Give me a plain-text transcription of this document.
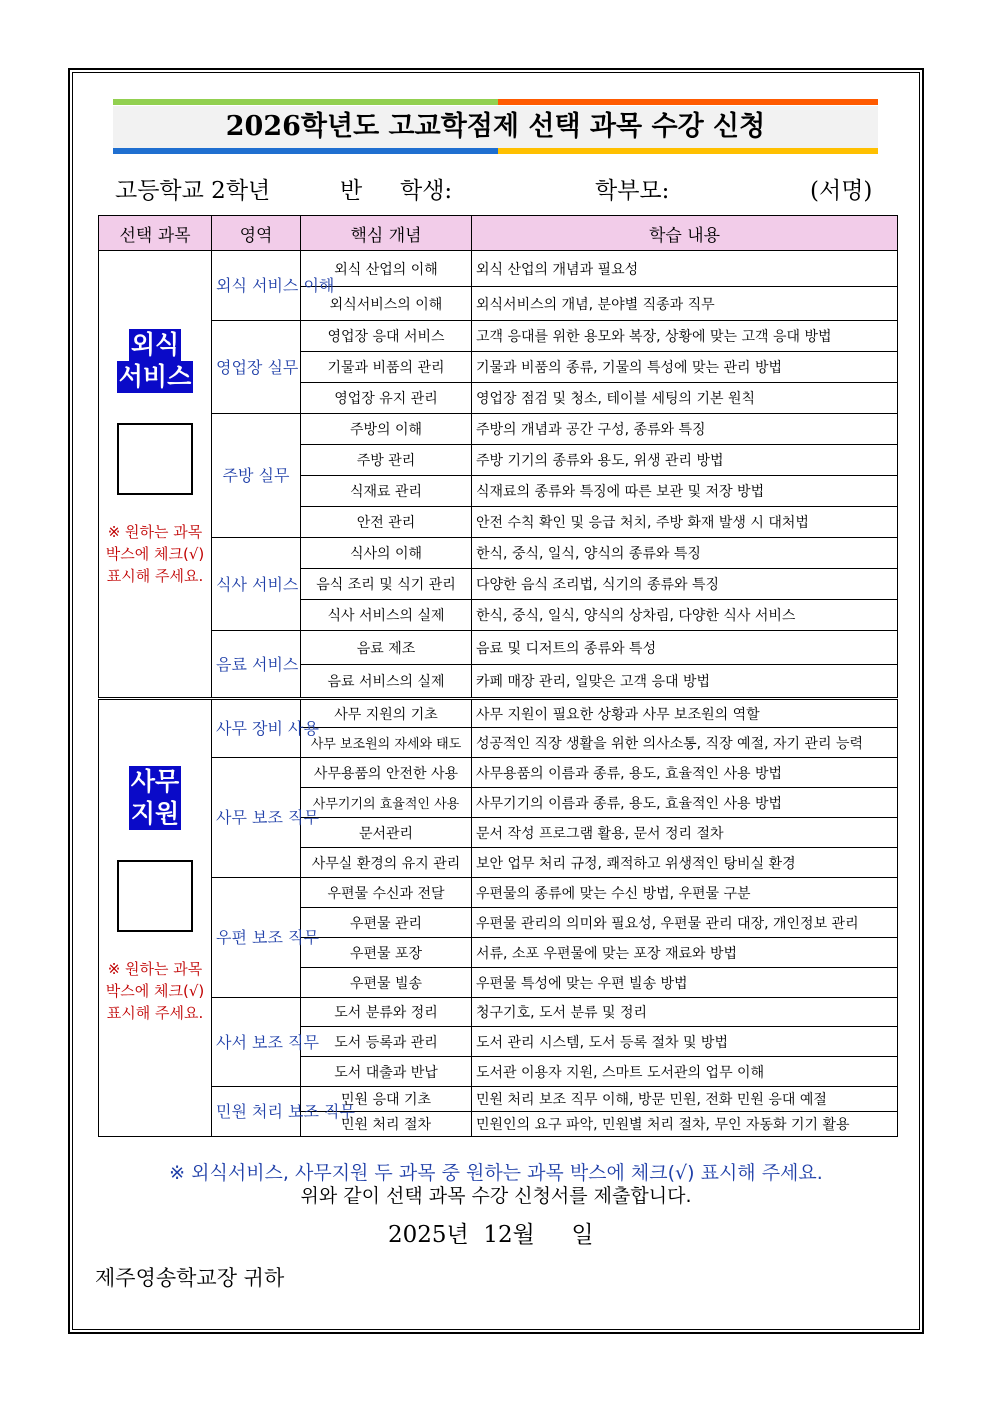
2026학년도 고교학점제 선택 과목 수강 신청
고등학교 2학년	반 학생:	학부모:	(서명)
선택 과목	영역	핵심 개념	학습 내용

외식
서비스
※ 원하는 과목 박스에 체크(√) 표시해 주세요.	외식 서비스 이해	외식 산업의 이해	외식 산업의 개념과 필요성
		외식서비스의 이해	외식서비스의 개념, 분야별 직종과 직무
	영업장 실무	영업장 응대 서비스	고객 응대를 위한 용모와 복장, 상황에 맞는 고객 응대 방법
		기물과 비품의 관리	기물과 비품의 종류, 기물의 특성에 맞는 관리 방법
		영업장 유지 관리	영업장 점검 및 청소, 테이블 세팅의 기본 원칙
	주방 실무	주방의 이해	주방의 개념과 공간 구성, 종류와 특징
		주방 관리	주방 기기의 종류와 용도, 위생 관리 방법
		식재료 관리	식재료의 종류와 특징에 따른 보관 및 저장 방법
		안전 관리	안전 수칙 확인 및 응급 처치, 주방 화재 발생 시 대처법
	식사 서비스	식사의 이해	한식, 중식, 일식, 양식의 종류와 특징
		음식 조리 및 식기 관리	다양한 음식 조리법, 식기의 종류와 특징
		식사 서비스의 실제	한식, 중식, 일식, 양식의 상차림, 다양한 식사 서비스
	음료 서비스	음료 제조	음료 및 디저트의 종류와 특성
		음료 서비스의 실제	카페 매장 관리, 일맞은 고객 응대 방법

사무
지원
※ 원하는 과목 박스에 체크(√) 표시해 주세요.	사무 장비 사용	사무 지원의 기초	사무 지원이 필요한 상황과 사무 보조원의 역할
		사무 보조원의 자세와 태도	성공적인 직장 생활을 위한 의사소통, 직장 예절, 자기 관리 능력
	사무 보조 직무	사무용품의 안전한 사용	사무용품의 이름과 종류, 용도, 효율적인 사용 방법
		사무기기의 효율적인 사용	사무기기의 이름과 종류, 용도, 효율적인 사용 방법
		문서관리	문서 작성 프로그램 활용, 문서 정리 절차
		사무실 환경의 유지 관리	보안 업무 처리 규정, 쾌적하고 위생적인 탕비실 환경
	우편 보조 직무	우편물 수신과 전달	우편물의 종류에 맞는 수신 방법, 우편물 구분
		우편물 관리	우편물 관리의 의미와 필요성, 우편물 관리 대장, 개인정보 관리
		우편물 포장	서류, 소포 우편물에 맞는 포장 재료와 방법
		우편물 빌송	우편물 특성에 맞는 우편 빌송 방법
	사서 보조 직무	도서 분류와 정리	청구기호, 도서 분류 및 정리
		도서 등록과 관리	도서 관리 시스템, 도서 등록 절차 및 방법
		도서 대출과 반납	도서관 이용자 지원, 스마트 도서관의 업무 이해
	민원 처리 보조 직무	민원 응대 기초	민원 처리 보조 직무 이해, 방문 민원, 전화 민원 응대 예절
		민원 처리 절차	민원인의 요구 파악, 민원별 처리 절차, 무인 자동화 기기 활용
※ 외식서비스, 사무지원 두 과목 중 원하는 과목 박스에 체크(√) 표시해 주세요.
위와 같이 선택 과목 수강 신청서를 제출합니다.
2025년  12월     일
제주영송학교장 귀하
